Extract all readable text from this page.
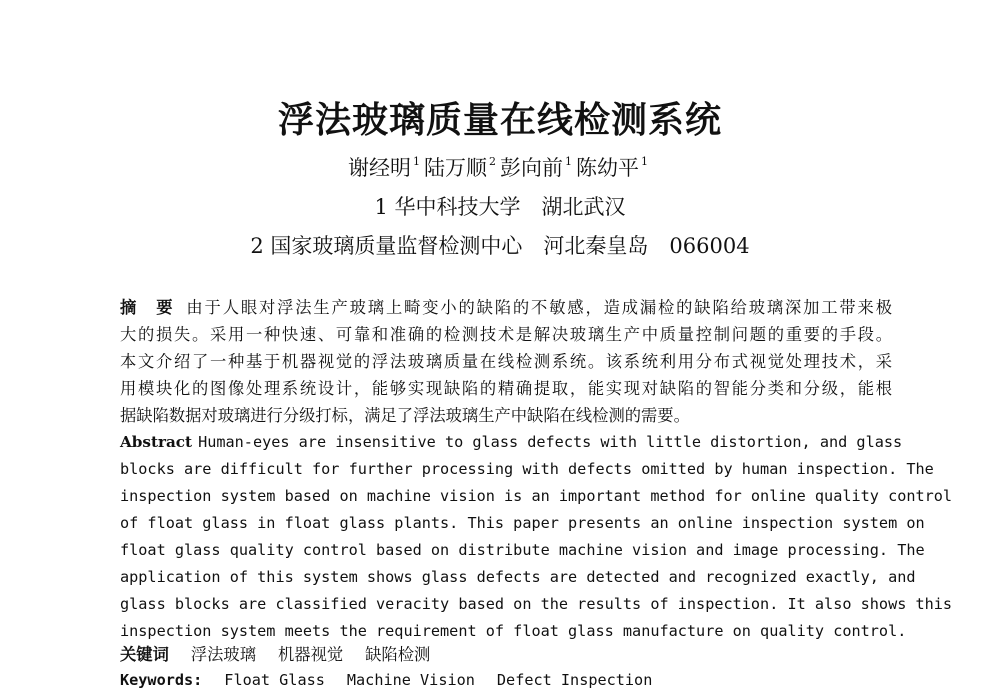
浮法玻璃质量在线检测系统
谢经明 $^1$ 陆万顺 $^2$ 彭向前 $^1$ 陈幼平 $^1$
1 华中科技大学　湖北武汉
2 国家玻璃质量监督检测中心　河北秦皇岛　066004
摘　要 由于人眼对浮法生产玻璃上畸变小的缺陷的不敏感，造成漏检的缺陷给玻璃深加工带来极
大的损失。采用一种快速、可靠和准确的检测技术是解决玻璃生产中质量控制问题的重要的手段。
本文介绍了一种基于机器视觉的浮法玻璃质量在线检测系统。该系统利用分布式视觉处理技术，采
用模块化的图像处理系统设计，能够实现缺陷的精确提取，能实现对缺陷的智能分类和分级，能根
据缺陷数据对玻璃进行分级打标，满足了浮法玻璃生产中缺陷在线检测的需要。
Abstract Human-eyes are insensitive to glass defects with little distortion, and glass
blocks are difficult for further processing with defects omitted by human inspection. The
inspection system based on machine vision is an important method for online quality control
of float glass in float glass plants. This paper presents an online inspection system on
float glass quality control based on distribute machine vision and image processing. The
application of this system shows glass defects are detected and recognized exactly, and
glass blocks are classified veracity based on the results of inspection. It also shows this
inspection system meets the requirement of float glass manufacture on quality control.
关键词 浮法玻璃 机器视觉 缺陷检测
Keywords: Float Glass Machine Vision Defect Inspection
